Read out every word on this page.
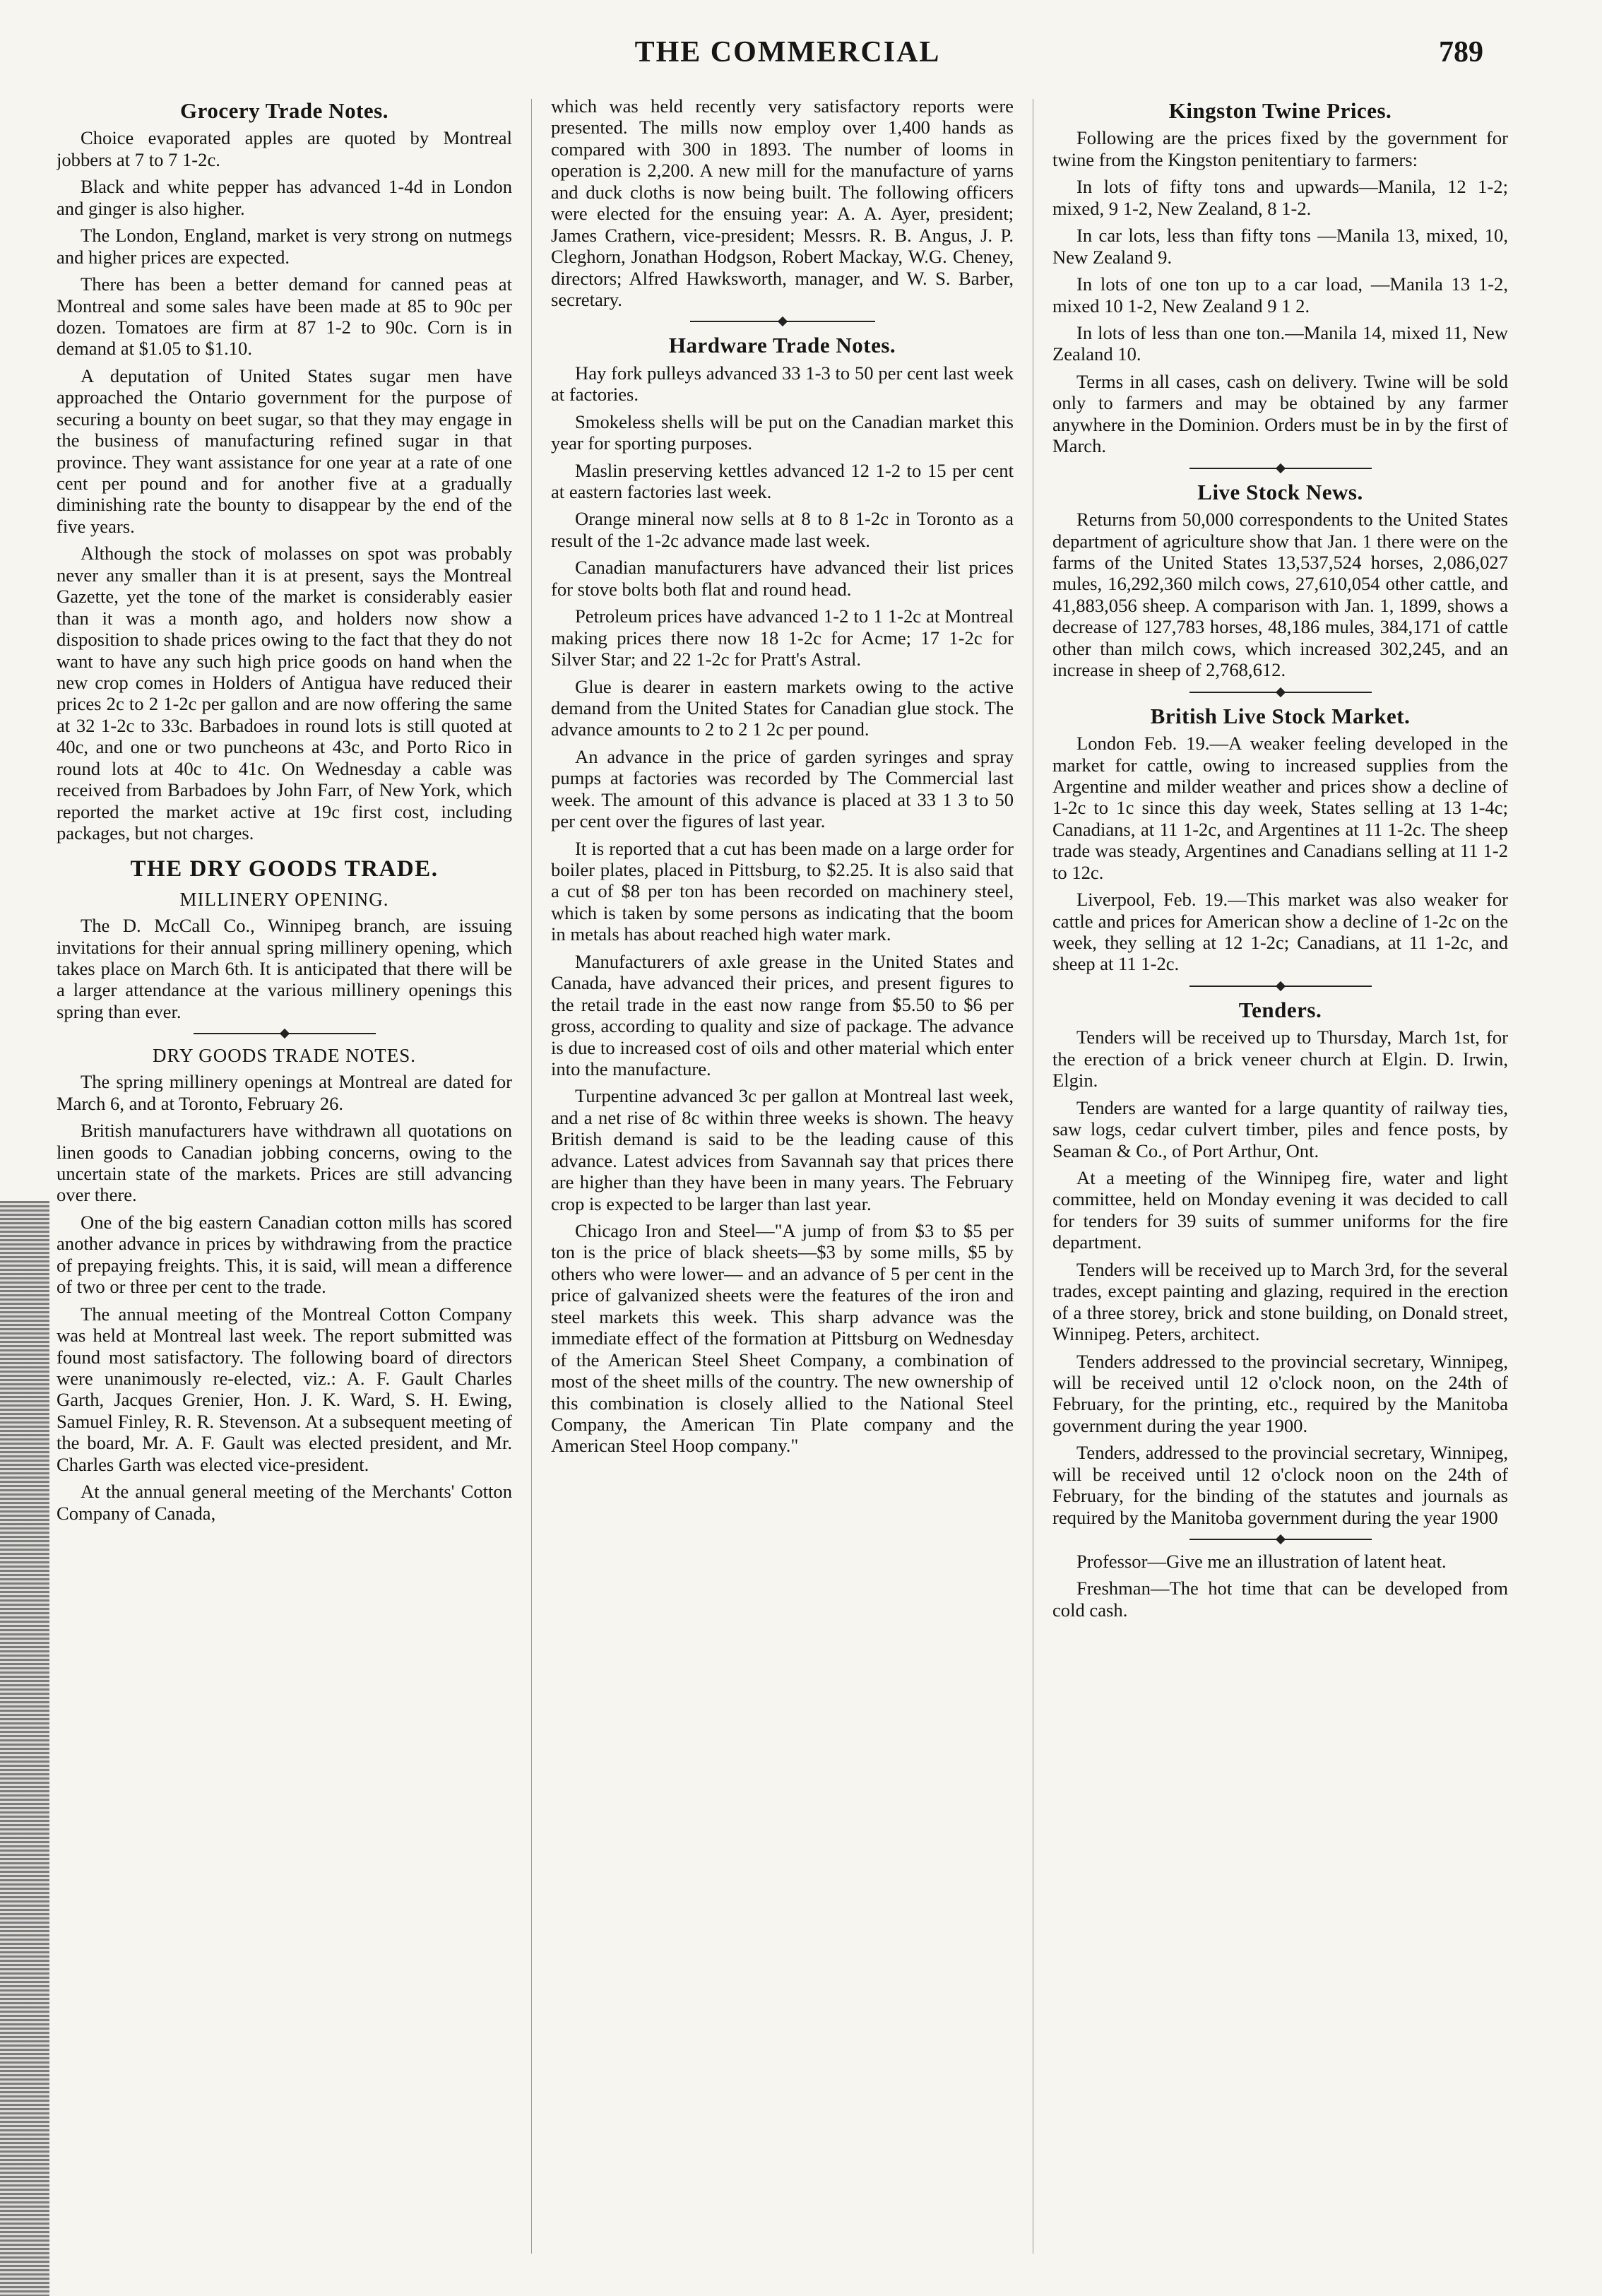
THE COMMERCIAL	789
Grocery Trade Notes.

Choice evaporated apples are quoted by Montreal jobbers at 7 to 7 1-2c.

Black and white pepper has advanced 1-4d in London and ginger is also higher.

The London, England, market is very strong on nutmegs and higher prices are expected.

There has been a better demand for canned peas at Montreal and some sales have been made at 85 to 90c per dozen. Tomatoes are firm at 87 1-2 to 90c. Corn is in demand at $1.05 to $1.10.

A deputation of United States sugar men have approached the Ontario government for the purpose of securing a bounty on beet sugar, so that they may engage in the business of manufacturing refined sugar in that province. They want assistance for one year at a rate of one cent per pound and for another five at a gradually diminishing rate the bounty to disappear by the end of the five years.

Although the stock of molasses on spot was probably never any smaller than it is at present, says the Montreal Gazette, yet the tone of the market is considerably easier than it was a month ago, and holders now show a disposition to shade prices owing to the fact that they do not want to have any such high price goods on hand when the new crop comes in Holders of Antigua have reduced their prices 2c to 2 1-2c per gallon and are now offering the same at 32 1-2c to 33c. Barbadoes in round lots is still quoted at 40c, and one or two puncheons at 43c, and Porto Rico in round lots at 40c to 41c. On Wednesday a cable was received from Barbadoes by John Farr, of New York, which reported the market active at 19c first cost, including packages, but not charges.

THE DRY GOODS TRADE.
MILLINERY OPENING.

The D. McCall Co., Winnipeg branch, are issuing invitations for their annual spring millinery opening, which takes place on March 6th. It is anticipated that there will be a larger attendance at the various millinery openings this spring than ever.

DRY GOODS TRADE NOTES.

The spring millinery openings at Montreal are dated for March 6, and at Toronto, February 26.

British manufacturers have withdrawn all quotations on linen goods to Canadian jobbing concerns, owing to the uncertain state of the markets. Prices are still advancing over there.

One of the big eastern Canadian cotton mills has scored another advance in prices by withdrawing from the practice of prepaying freights. This, it is said, will mean a difference of two or three per cent to the trade.

The annual meeting of the Montreal Cotton Company was held at Montreal last week. The report submitted was found most satisfactory. The following board of directors were unanimously re-elected, viz.: A. F. Gault Charles Garth, Jacques Grenier, Hon. J. K. Ward, S. H. Ewing, Samuel Finley, R. R. Stevenson. At a subsequent meeting of the board, Mr. A. F. Gault was elected president, and Mr. Charles Garth was elected vice-president.

At the annual general meeting of the Merchants' Cotton Company of Canada,

which was held recently very satisfactory reports were presented. The mills now employ over 1,400 hands as compared with 300 in 1893. The number of looms in operation is 2,200. A new mill for the manufacture of yarns and duck cloths is now being built. The following officers were elected for the ensuing year: A. A. Ayer, president; James Crathern, vice-president; Messrs. R. B. Angus, J. P. Cleghorn, Jonathan Hodgson, Robert Mackay, W.G. Cheney, directors; Alfred Hawksworth, manager, and W. S. Barber, secretary.

Hardware Trade Notes.

Hay fork pulleys advanced 33 1-3 to 50 per cent last week at factories.

Smokeless shells will be put on the Canadian market this year for sporting purposes.

Maslin preserving kettles advanced 12 1-2 to 15 per cent at eastern factories last week.

Orange mineral now sells at 8 to 8 1-2c in Toronto as a result of the 1-2c advance made last week.

Canadian manufacturers have advanced their list prices for stove bolts both flat and round head.

Petroleum prices have advanced 1-2 to 1 1-2c at Montreal making prices there now 18 1-2c for Acme; 17 1-2c for Silver Star; and 22 1-2c for Pratt's Astral.

Glue is dearer in eastern markets owing to the active demand from the United States for Canadian glue stock. The advance amounts to 2 to 2 1 2c per pound.

An advance in the price of garden syringes and spray pumps at factories was recorded by The Commercial last week. The amount of this advance is placed at 33 1 3 to 50 per cent over the figures of last year.

It is reported that a cut has been made on a large order for boiler plates, placed in Pittsburg, to $2.25. It is also said that a cut of $8 per ton has been recorded on machinery steel, which is taken by some persons as indicating that the boom in metals has about reached high water mark.

Manufacturers of axle grease in the United States and Canada, have advanced their prices, and present figures to the retail trade in the east now range from $5.50 to $6 per gross, according to quality and size of package. The advance is due to increased cost of oils and other material which enter into the manufacture.

Turpentine advanced 3c per gallon at Montreal last week, and a net rise of 8c within three weeks is shown. The heavy British demand is said to be the leading cause of this advance. Latest advices from Savannah say that prices there are higher than they have been in many years. The February crop is expected to be larger than last year.

Chicago Iron and Steel—"A jump of from $3 to $5 per ton is the price of black sheets—$3 by some mills, $5 by others who were lower— and an advance of 5 per cent in the price of galvanized sheets were the features of the iron and steel markets this week. This sharp advance was the immediate effect of the formation at Pittsburg on Wednesday of the American Steel Sheet Company, a combination of most of the sheet mills of the country. The new ownership of this combination is closely allied to the National Steel Company, the American Tin Plate company and the American Steel Hoop company."

Kingston Twine Prices.

Following are the prices fixed by the government for twine from the Kingston penitentiary to farmers:

In lots of fifty tons and upwards—Manila, 12 1-2; mixed, 9 1-2, New Zealand, 8 1-2.

In car lots, less than fifty tons —Manila 13, mixed, 10, New Zealand 9.

In lots of one ton up to a car load, —Manila 13 1-2, mixed 10 1-2, New Zealand 9 1 2.

In lots of less than one ton.—Manila 14, mixed 11, New Zealand 10.

Terms in all cases, cash on delivery. Twine will be sold only to farmers and may be obtained by any farmer anywhere in the Dominion. Orders must be in by the first of March.

Live Stock News.

Returns from 50,000 correspondents to the United States department of agriculture show that Jan. 1 there were on the farms of the United States 13,537,524 horses, 2,086,027 mules, 16,292,360 milch cows, 27,610,054 other cattle, and 41,883,056 sheep. A comparison with Jan. 1, 1899, shows a decrease of 127,783 horses, 48,186 mules, 384,171 of cattle other than milch cows, which increased 302,245, and an increase in sheep of 2,768,612.

British Live Stock Market.

London Feb. 19.—A weaker feeling developed in the market for cattle, owing to increased supplies from the Argentine and milder weather and prices show a decline of 1-2c to 1c since this day week, States selling at 13 1-4c; Canadians, at 11 1-2c, and Argentines at 11 1-2c. The sheep trade was steady, Argentines and Canadians selling at 11 1-2 to 12c.

Liverpool, Feb. 19.—This market was also weaker for cattle and prices for American show a decline of 1-2c on the week, they selling at 12 1-2c; Canadians, at 11 1-2c, and sheep at 11 1-2c.

Tenders.

Tenders will be received up to Thursday, March 1st, for the erection of a brick veneer church at Elgin. D. Irwin, Elgin.

Tenders are wanted for a large quantity of railway ties, saw logs, cedar culvert timber, piles and fence posts, by Seaman & Co., of Port Arthur, Ont.

At a meeting of the Winnipeg fire, water and light committee, held on Monday evening it was decided to call for tenders for 39 suits of summer uniforms for the fire department.

Tenders will be received up to March 3rd, for the several trades, except painting and glazing, required in the erection of a three storey, brick and stone building, on Donald street, Winnipeg. Peters, architect.

Tenders addressed to the provincial secretary, Winnipeg, will be received until 12 o'clock noon, on the 24th of February, for the printing, etc., required by the Manitoba government during the year 1900.

Tenders, addressed to the provincial secretary, Winnipeg, will be received until 12 o'clock noon on the 24th of February, for the binding of the statutes and journals as required by the Manitoba government during the year 1900

Professor—Give me an illustration of latent heat.

Freshman—The hot time that can be developed from cold cash.
